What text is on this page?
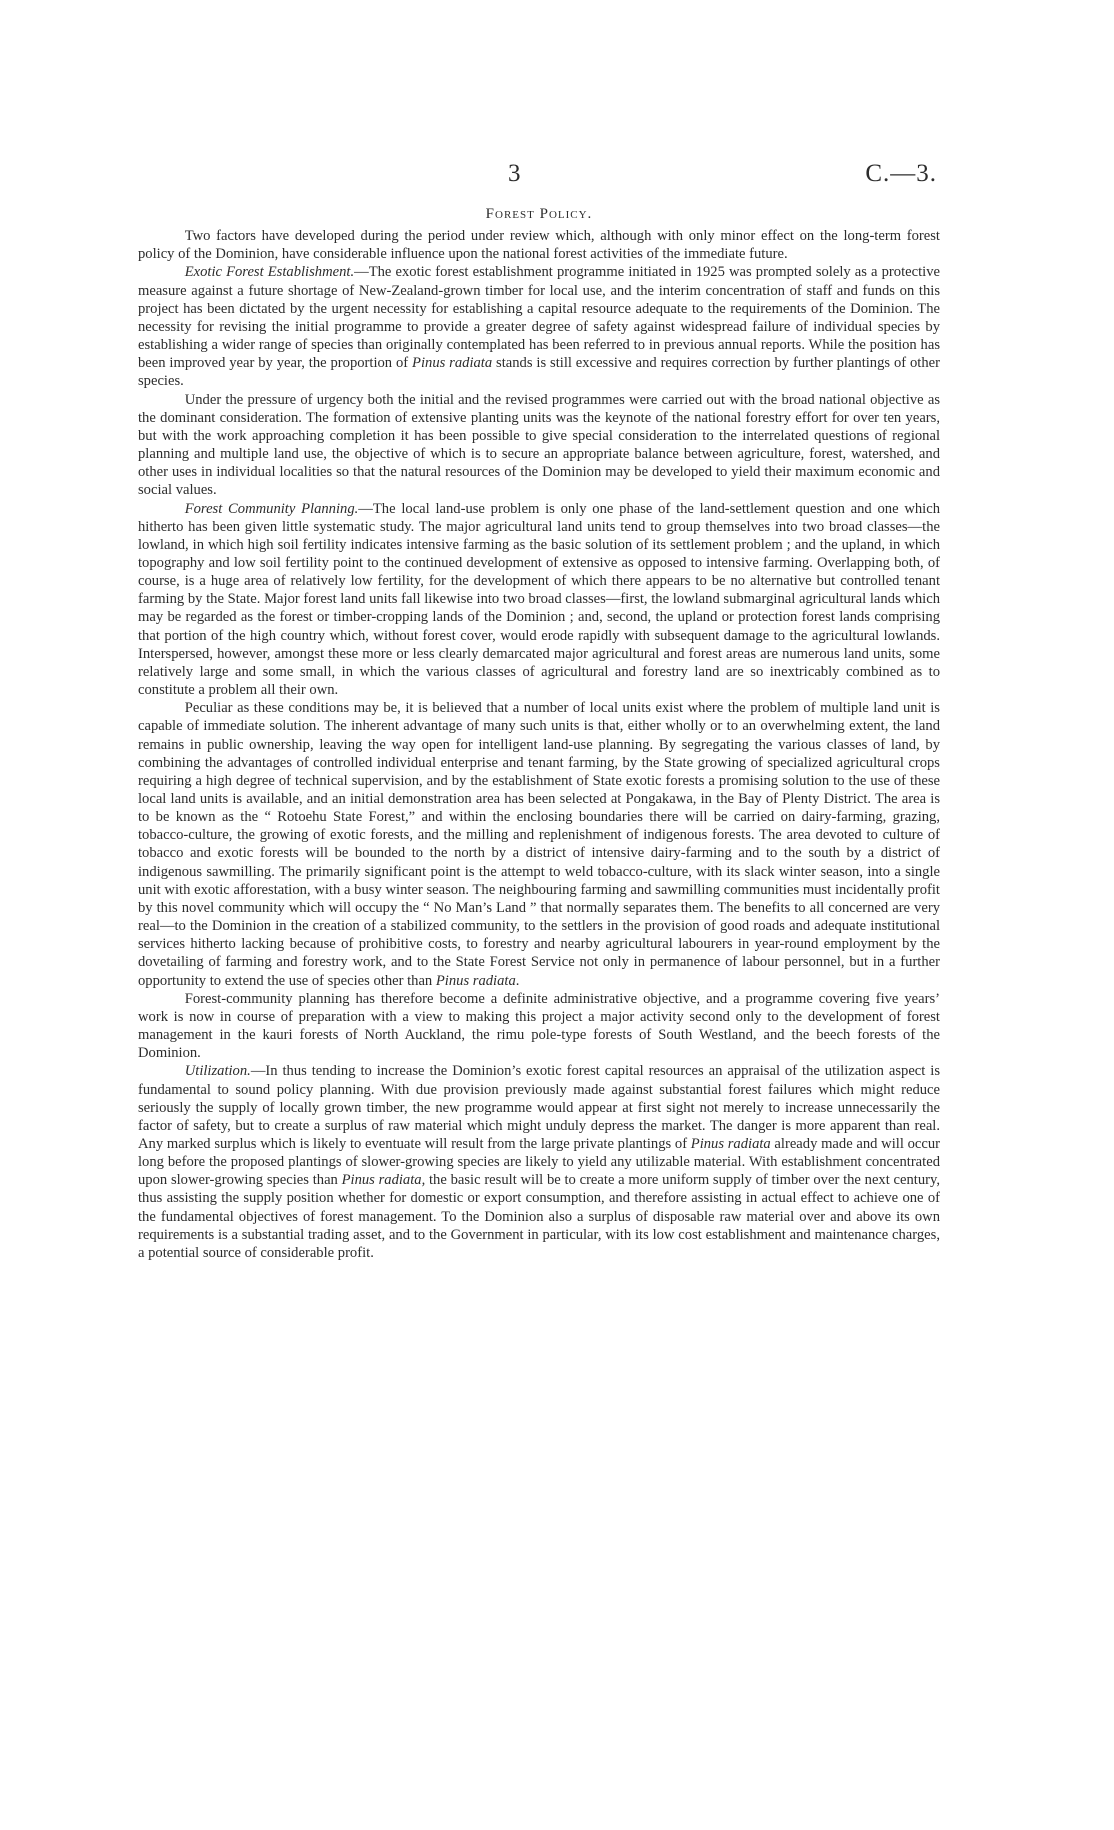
3	C.—3.
Forest Policy.

Two factors have developed during the period under review which, although with only minor effect on the long-term forest policy of the Dominion, have considerable influence upon the national forest activities of the immediate future.

Exotic Forest Establishment.—The exotic forest establishment programme initiated in 1925 was prompted solely as a protective measure against a future shortage of New-Zealand-grown timber for local use, and the interim concentration of staff and funds on this project has been dictated by the urgent necessity for establishing a capital resource adequate to the requirements of the Dominion. The necessity for revising the initial programme to provide a greater degree of safety against widespread failure of individual species by establishing a wider range of species than originally contemplated has been referred to in previous annual reports. While the position has been improved year by year, the proportion of Pinus radiata stands is still excessive and requires correction by further plantings of other species.

Under the pressure of urgency both the initial and the revised programmes were carried out with the broad national objective as the dominant consideration. The formation of extensive planting units was the keynote of the national forestry effort for over ten years, but with the work approaching completion it has been possible to give special consideration to the interrelated questions of regional planning and multiple land use, the objective of which is to secure an appropriate balance between agriculture, forest, watershed, and other uses in individual localities so that the natural resources of the Dominion may be developed to yield their maximum economic and social values.

Forest Community Planning.—The local land-use problem is only one phase of the land-settlement question and one which hitherto has been given little systematic study. The major agricultural land units tend to group themselves into two broad classes—the lowland, in which high soil fertility indicates intensive farming as the basic solution of its settlement problem ; and the upland, in which topography and low soil fertility point to the continued development of extensive as opposed to intensive farming. Overlapping both, of course, is a huge area of relatively low fertility, for the development of which there appears to be no alternative but controlled tenant farming by the State. Major forest land units fall likewise into two broad classes—first, the lowland submarginal agricultural lands which may be regarded as the forest or timber-cropping lands of the Dominion ; and, second, the upland or protection forest lands comprising that portion of the high country which, without forest cover, would erode rapidly with subsequent damage to the agricultural lowlands. Interspersed, however, amongst these more or less clearly demarcated major agricultural and forest areas are numerous land units, some relatively large and some small, in which the various classes of agricultural and forestry land are so inextricably combined as to constitute a problem all their own.

Peculiar as these conditions may be, it is believed that a number of local units exist where the problem of multiple land unit is capable of immediate solution. The inherent advantage of many such units is that, either wholly or to an overwhelming extent, the land remains in public ownership, leaving the way open for intelligent land-use planning. By segregating the various classes of land, by combining the advantages of controlled individual enterprise and tenant farming, by the State growing of specialized agricultural crops requiring a high degree of technical supervision, and by the establishment of State exotic forests a promising solution to the use of these local land units is available, and an initial demonstration area has been selected at Pongakawa, in the Bay of Plenty District. The area is to be known as the “ Rotoehu State Forest,” and within the enclosing boundaries there will be carried on dairy-farming, grazing, tobacco-culture, the growing of exotic forests, and the milling and replenishment of indigenous forests. The area devoted to culture of tobacco and exotic forests will be bounded to the north by a district of intensive dairy-farming and to the south by a district of indigenous sawmilling. The primarily significant point is the attempt to weld tobacco-culture, with its slack winter season, into a single unit with exotic afforestation, with a busy winter season. The neighbouring farming and sawmilling communities must incidentally profit by this novel community which will occupy the “ No Man’s Land ” that normally separates them. The benefits to all concerned are very real—to the Dominion in the creation of a stabilized community, to the settlers in the provision of good roads and adequate institutional services hitherto lacking because of prohibitive costs, to forestry and nearby agricultural labourers in year-round employment by the dovetailing of farming and forestry work, and to the State Forest Service not only in permanence of labour personnel, but in a further opportunity to extend the use of species other than Pinus radiata.

Forest-community planning has therefore become a definite administrative objective, and a programme covering five years’ work is now in course of preparation with a view to making this project a major activity second only to the development of forest management in the kauri forests of North Auckland, the rimu pole-type forests of South Westland, and the beech forests of the Dominion.

Utilization.—In thus tending to increase the Dominion’s exotic forest capital resources an appraisal of the utilization aspect is fundamental to sound policy planning. With due provision previously made against substantial forest failures which might reduce seriously the supply of locally grown timber, the new programme would appear at first sight not merely to increase unnecessarily the factor of safety, but to create a surplus of raw material which might unduly depress the market. The danger is more apparent than real. Any marked surplus which is likely to eventuate will result from the large private plantings of Pinus radiata already made and will occur long before the proposed plantings of slower-growing species are likely to yield any utilizable material. With establishment concentrated upon slower-growing species than Pinus radiata, the basic result will be to create a more uniform supply of timber over the next century, thus assisting the supply position whether for domestic or export consumption, and therefore assisting in actual effect to achieve one of the fundamental objectives of forest management. To the Dominion also a surplus of disposable raw material over and above its own requirements is a substantial trading asset, and to the Government in particular, with its low cost establishment and maintenance charges, a potential source of considerable profit.
